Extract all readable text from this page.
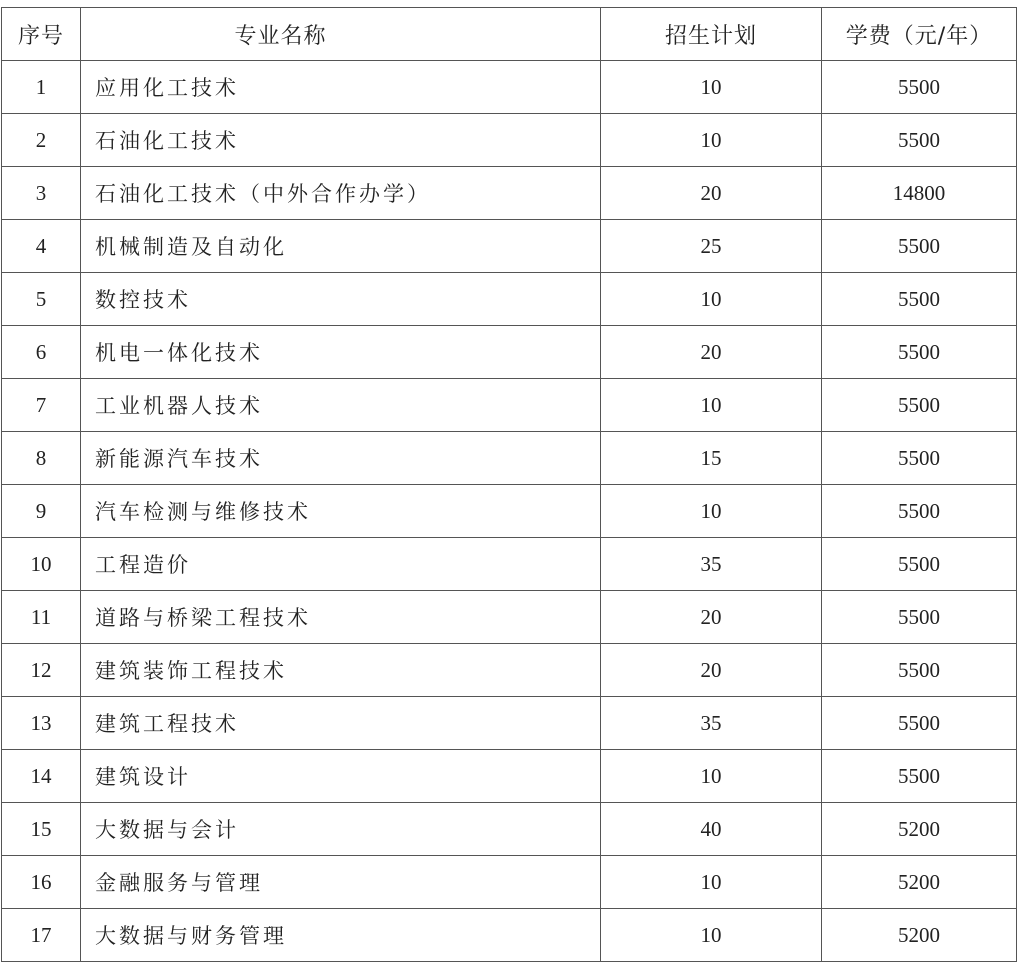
序号	专业名称	招生计划	学费（元/年）
1	应用化工技术	10	5500
2	石油化工技术	10	5500
3	石油化工技术（中外合作办学）	20	14800
4	机械制造及自动化	25	5500
5	数控技术	10	5500
6	机电一体化技术	20	5500
7	工业机器人技术	10	5500
8	新能源汽车技术	15	5500
9	汽车检测与维修技术	10	5500
10	工程造价	35	5500
11	道路与桥梁工程技术	20	5500
12	建筑装饰工程技术	20	5500
13	建筑工程技术	35	5500
14	建筑设计	10	5500
15	大数据与会计	40	5200
16	金融服务与管理	10	5200
17	大数据与财务管理	10	5200
